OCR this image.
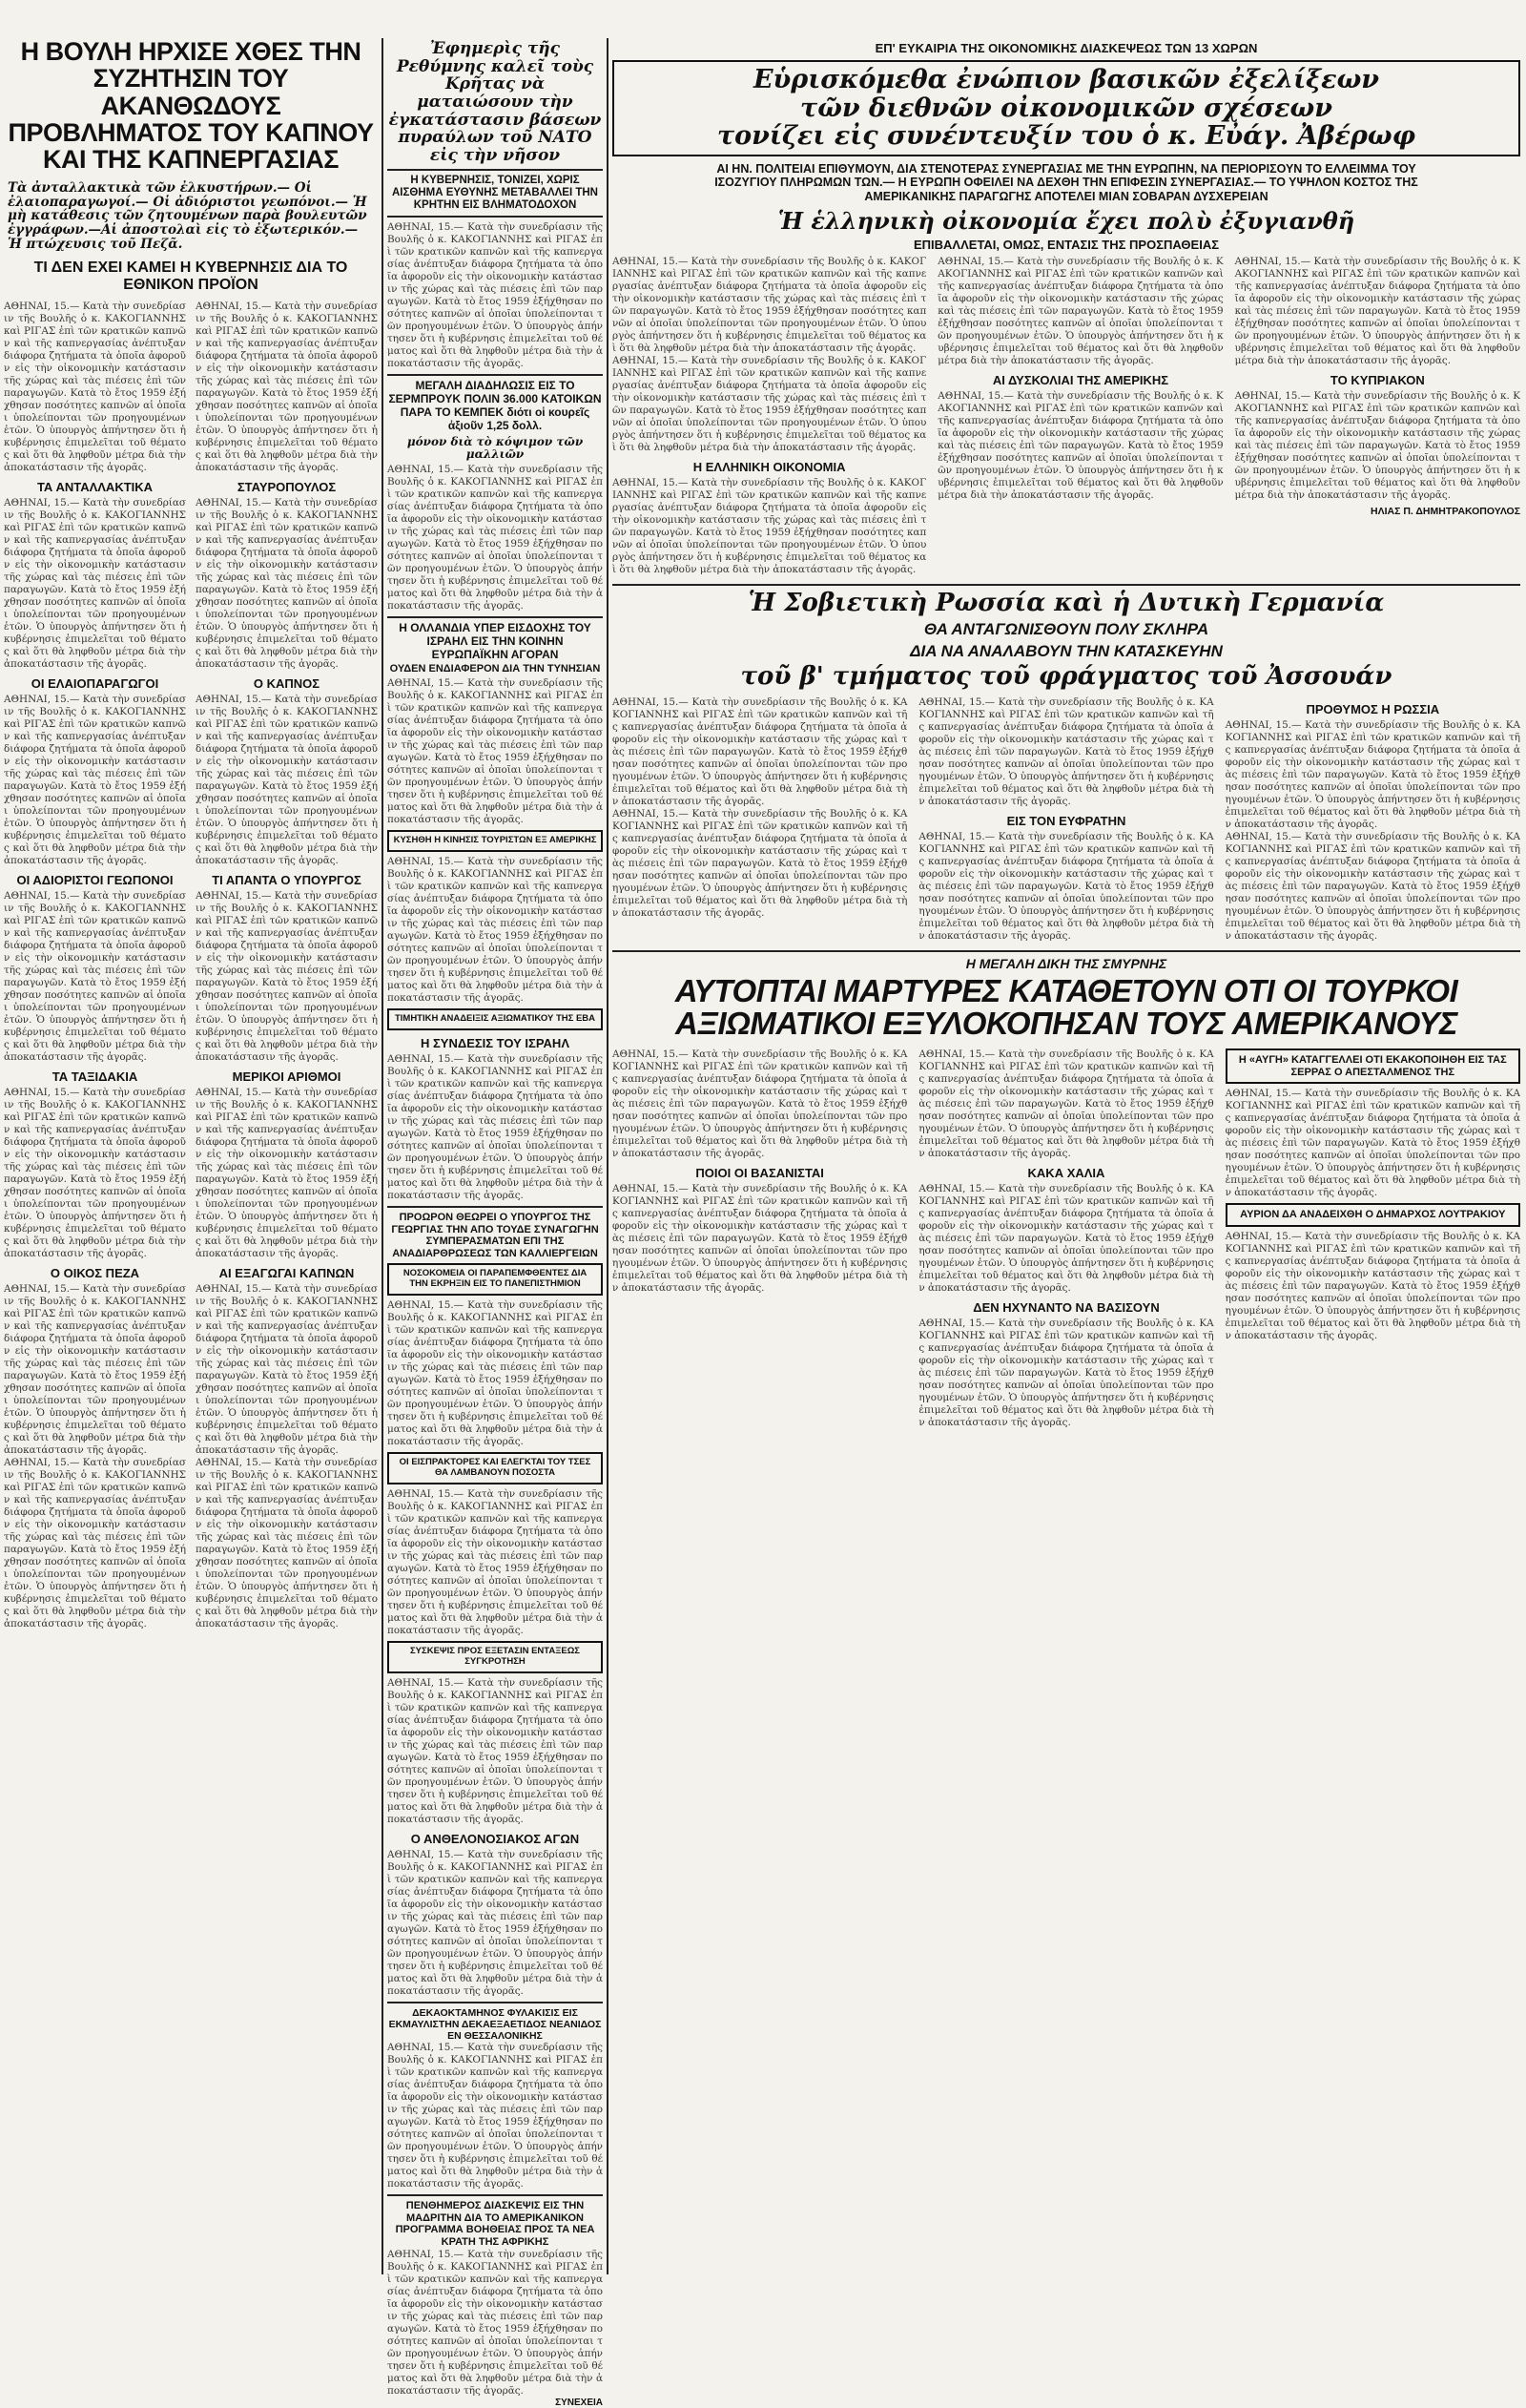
Η ΒΟΥΛΗ ΗΡΧΙΣΕ ΧΘΕΣ ΤΗΝ ΣΥΖΗΤΗΣΙΝ ΤΟΥ ΑΚΑΝΘΩΔΟΥΣ ΠΡΟΒΛΗΜΑΤΟΣ ΤΟΥ ΚΑΠΝΟΥ ΚΑΙ ΤΗΣ ΚΑΠΝΕΡΓΑΣΙΑΣ
Τὰ ἀνταλλακτικὰ τῶν ἐλκυστήρων.— Οἱ ἐλαιοπαραγωγοί.— Οἱ ἀδιόριστοι γεωπόνοι.— Ἡ μὴ κατάθεσις τῶν ζητουμένων παρὰ βουλευτῶν ἐγγράφων.—Αἱ ἀποστολαὶ εἰς τὸ ἐξωτερικόν.— Ἡ πτώχευσις τοῦ Πεζᾶ.
ΤΙ ΔΕΝ ΕΧΕΙ ΚΑΜΕΙ Η ΚΥΒΕΡΝΗΣΙΣ ΔΙΑ ΤΟ ΕΘΝΙΚΟΝ ΠΡΟΪΟΝ
ΑΘΗΝΑΙ, 15.— Κατὰ τὴν συνεδρίασιν τῆς Βουλῆς ὁ κ. ΚΑΚΟΓΙΑΝΝΗΣ καὶ ΡΙΓΑΣ ἐπὶ τῶν κρατικῶν καπνῶν καὶ τῆς καπνεργασίας ἀνέπτυξαν διάφορα ζητήματα τὰ ὁποῖα ἀφοροῦν εἰς τὴν οἰκονομικὴν κατάστασιν τῆς χώρας καὶ τὰς πιέσεις ἐπὶ τῶν παραγωγῶν. Κατὰ τὸ ἔτος 1959 ἐξήχθησαν ποσότητες καπνῶν αἱ ὁποῖαι ὑπολείπονται τῶν προηγουμένων ἐτῶν. Ὁ ὑπουργὸς ἀπήντησεν ὅτι ἡ κυβέρνησις ἐπιμελεῖται τοῦ θέματος καὶ ὅτι θὰ ληφθοῦν μέτρα διὰ τὴν ἀποκατάστασιν τῆς ἀγορᾶς.
ΤΑ ΑΝΤΑΛΛΑΚΤΙΚΑ
ΑΘΗΝΑΙ, 15.— Κατὰ τὴν συνεδρίασιν τῆς Βουλῆς ὁ κ. ΚΑΚΟΓΙΑΝΝΗΣ καὶ ΡΙΓΑΣ ἐπὶ τῶν κρατικῶν καπνῶν καὶ τῆς καπνεργασίας ἀνέπτυξαν διάφορα ζητήματα τὰ ὁποῖα ἀφοροῦν εἰς τὴν οἰκονομικὴν κατάστασιν τῆς χώρας καὶ τὰς πιέσεις ἐπὶ τῶν παραγωγῶν. Κατὰ τὸ ἔτος 1959 ἐξήχθησαν ποσότητες καπνῶν αἱ ὁποῖαι ὑπολείπονται τῶν προηγουμένων ἐτῶν. Ὁ ὑπουργὸς ἀπήντησεν ὅτι ἡ κυβέρνησις ἐπιμελεῖται τοῦ θέματος καὶ ὅτι θὰ ληφθοῦν μέτρα διὰ τὴν ἀποκατάστασιν τῆς ἀγορᾶς.
ΟΙ ΕΛΑΙΟΠΑΡΑΓΩΓΟΙ
ΑΘΗΝΑΙ, 15.— Κατὰ τὴν συνεδρίασιν τῆς Βουλῆς ὁ κ. ΚΑΚΟΓΙΑΝΝΗΣ καὶ ΡΙΓΑΣ ἐπὶ τῶν κρατικῶν καπνῶν καὶ τῆς καπνεργασίας ἀνέπτυξαν διάφορα ζητήματα τὰ ὁποῖα ἀφοροῦν εἰς τὴν οἰκονομικὴν κατάστασιν τῆς χώρας καὶ τὰς πιέσεις ἐπὶ τῶν παραγωγῶν. Κατὰ τὸ ἔτος 1959 ἐξήχθησαν ποσότητες καπνῶν αἱ ὁποῖαι ὑπολείπονται τῶν προηγουμένων ἐτῶν. Ὁ ὑπουργὸς ἀπήντησεν ὅτι ἡ κυβέρνησις ἐπιμελεῖται τοῦ θέματος καὶ ὅτι θὰ ληφθοῦν μέτρα διὰ τὴν ἀποκατάστασιν τῆς ἀγορᾶς.
ΟΙ ΑΔΙΟΡΙΣΤΟΙ ΓΕΩΠΟΝΟΙ
ΑΘΗΝΑΙ, 15.— Κατὰ τὴν συνεδρίασιν τῆς Βουλῆς ὁ κ. ΚΑΚΟΓΙΑΝΝΗΣ καὶ ΡΙΓΑΣ ἐπὶ τῶν κρατικῶν καπνῶν καὶ τῆς καπνεργασίας ἀνέπτυξαν διάφορα ζητήματα τὰ ὁποῖα ἀφοροῦν εἰς τὴν οἰκονομικὴν κατάστασιν τῆς χώρας καὶ τὰς πιέσεις ἐπὶ τῶν παραγωγῶν. Κατὰ τὸ ἔτος 1959 ἐξήχθησαν ποσότητες καπνῶν αἱ ὁποῖαι ὑπολείπονται τῶν προηγουμένων ἐτῶν. Ὁ ὑπουργὸς ἀπήντησεν ὅτι ἡ κυβέρνησις ἐπιμελεῖται τοῦ θέματος καὶ ὅτι θὰ ληφθοῦν μέτρα διὰ τὴν ἀποκατάστασιν τῆς ἀγορᾶς.
ΤΑ ΤΑΞΙΔΑΚΙΑ
ΑΘΗΝΑΙ, 15.— Κατὰ τὴν συνεδρίασιν τῆς Βουλῆς ὁ κ. ΚΑΚΟΓΙΑΝΝΗΣ καὶ ΡΙΓΑΣ ἐπὶ τῶν κρατικῶν καπνῶν καὶ τῆς καπνεργασίας ἀνέπτυξαν διάφορα ζητήματα τὰ ὁποῖα ἀφοροῦν εἰς τὴν οἰκονομικὴν κατάστασιν τῆς χώρας καὶ τὰς πιέσεις ἐπὶ τῶν παραγωγῶν. Κατὰ τὸ ἔτος 1959 ἐξήχθησαν ποσότητες καπνῶν αἱ ὁποῖαι ὑπολείπονται τῶν προηγουμένων ἐτῶν. Ὁ ὑπουργὸς ἀπήντησεν ὅτι ἡ κυβέρνησις ἐπιμελεῖται τοῦ θέματος καὶ ὅτι θὰ ληφθοῦν μέτρα διὰ τὴν ἀποκατάστασιν τῆς ἀγορᾶς.
Ο ΟΙΚΟΣ ΠΕΖΑ
ΑΘΗΝΑΙ, 15.— Κατὰ τὴν συνεδρίασιν τῆς Βουλῆς ὁ κ. ΚΑΚΟΓΙΑΝΝΗΣ καὶ ΡΙΓΑΣ ἐπὶ τῶν κρατικῶν καπνῶν καὶ τῆς καπνεργασίας ἀνέπτυξαν διάφορα ζητήματα τὰ ὁποῖα ἀφοροῦν εἰς τὴν οἰκονομικὴν κατάστασιν τῆς χώρας καὶ τὰς πιέσεις ἐπὶ τῶν παραγωγῶν. Κατὰ τὸ ἔτος 1959 ἐξήχθησαν ποσότητες καπνῶν αἱ ὁποῖαι ὑπολείπονται τῶν προηγουμένων ἐτῶν. Ὁ ὑπουργὸς ἀπήντησεν ὅτι ἡ κυβέρνησις ἐπιμελεῖται τοῦ θέματος καὶ ὅτι θὰ ληφθοῦν μέτρα διὰ τὴν ἀποκατάστασιν τῆς ἀγορᾶς.
ΑΘΗΝΑΙ, 15.— Κατὰ τὴν συνεδρίασιν τῆς Βουλῆς ὁ κ. ΚΑΚΟΓΙΑΝΝΗΣ καὶ ΡΙΓΑΣ ἐπὶ τῶν κρατικῶν καπνῶν καὶ τῆς καπνεργασίας ἀνέπτυξαν διάφορα ζητήματα τὰ ὁποῖα ἀφοροῦν εἰς τὴν οἰκονομικὴν κατάστασιν τῆς χώρας καὶ τὰς πιέσεις ἐπὶ τῶν παραγωγῶν. Κατὰ τὸ ἔτος 1959 ἐξήχθησαν ποσότητες καπνῶν αἱ ὁποῖαι ὑπολείπονται τῶν προηγουμένων ἐτῶν. Ὁ ὑπουργὸς ἀπήντησεν ὅτι ἡ κυβέρνησις ἐπιμελεῖται τοῦ θέματος καὶ ὅτι θὰ ληφθοῦν μέτρα διὰ τὴν ἀποκατάστασιν τῆς ἀγορᾶς.
ΑΘΗΝΑΙ, 15.— Κατὰ τὴν συνεδρίασιν τῆς Βουλῆς ὁ κ. ΚΑΚΟΓΙΑΝΝΗΣ καὶ ΡΙΓΑΣ ἐπὶ τῶν κρατικῶν καπνῶν καὶ τῆς καπνεργασίας ἀνέπτυξαν διάφορα ζητήματα τὰ ὁποῖα ἀφοροῦν εἰς τὴν οἰκονομικὴν κατάστασιν τῆς χώρας καὶ τὰς πιέσεις ἐπὶ τῶν παραγωγῶν. Κατὰ τὸ ἔτος 1959 ἐξήχθησαν ποσότητες καπνῶν αἱ ὁποῖαι ὑπολείπονται τῶν προηγουμένων ἐτῶν. Ὁ ὑπουργὸς ἀπήντησεν ὅτι ἡ κυβέρνησις ἐπιμελεῖται τοῦ θέματος καὶ ὅτι θὰ ληφθοῦν μέτρα διὰ τὴν ἀποκατάστασιν τῆς ἀγορᾶς.
ΣΤΑΥΡΟΠΟΥΛΟΣ
ΑΘΗΝΑΙ, 15.— Κατὰ τὴν συνεδρίασιν τῆς Βουλῆς ὁ κ. ΚΑΚΟΓΙΑΝΝΗΣ καὶ ΡΙΓΑΣ ἐπὶ τῶν κρατικῶν καπνῶν καὶ τῆς καπνεργασίας ἀνέπτυξαν διάφορα ζητήματα τὰ ὁποῖα ἀφοροῦν εἰς τὴν οἰκονομικὴν κατάστασιν τῆς χώρας καὶ τὰς πιέσεις ἐπὶ τῶν παραγωγῶν. Κατὰ τὸ ἔτος 1959 ἐξήχθησαν ποσότητες καπνῶν αἱ ὁποῖαι ὑπολείπονται τῶν προηγουμένων ἐτῶν. Ὁ ὑπουργὸς ἀπήντησεν ὅτι ἡ κυβέρνησις ἐπιμελεῖται τοῦ θέματος καὶ ὅτι θὰ ληφθοῦν μέτρα διὰ τὴν ἀποκατάστασιν τῆς ἀγορᾶς.
Ο ΚΑΠΝΟΣ
ΑΘΗΝΑΙ, 15.— Κατὰ τὴν συνεδρίασιν τῆς Βουλῆς ὁ κ. ΚΑΚΟΓΙΑΝΝΗΣ καὶ ΡΙΓΑΣ ἐπὶ τῶν κρατικῶν καπνῶν καὶ τῆς καπνεργασίας ἀνέπτυξαν διάφορα ζητήματα τὰ ὁποῖα ἀφοροῦν εἰς τὴν οἰκονομικὴν κατάστασιν τῆς χώρας καὶ τὰς πιέσεις ἐπὶ τῶν παραγωγῶν. Κατὰ τὸ ἔτος 1959 ἐξήχθησαν ποσότητες καπνῶν αἱ ὁποῖαι ὑπολείπονται τῶν προηγουμένων ἐτῶν. Ὁ ὑπουργὸς ἀπήντησεν ὅτι ἡ κυβέρνησις ἐπιμελεῖται τοῦ θέματος καὶ ὅτι θὰ ληφθοῦν μέτρα διὰ τὴν ἀποκατάστασιν τῆς ἀγορᾶς.
ΤΙ ΑΠΑΝΤΑ Ο ΥΠΟΥΡΓΟΣ
ΑΘΗΝΑΙ, 15.— Κατὰ τὴν συνεδρίασιν τῆς Βουλῆς ὁ κ. ΚΑΚΟΓΙΑΝΝΗΣ καὶ ΡΙΓΑΣ ἐπὶ τῶν κρατικῶν καπνῶν καὶ τῆς καπνεργασίας ἀνέπτυξαν διάφορα ζητήματα τὰ ὁποῖα ἀφοροῦν εἰς τὴν οἰκονομικὴν κατάστασιν τῆς χώρας καὶ τὰς πιέσεις ἐπὶ τῶν παραγωγῶν. Κατὰ τὸ ἔτος 1959 ἐξήχθησαν ποσότητες καπνῶν αἱ ὁποῖαι ὑπολείπονται τῶν προηγουμένων ἐτῶν. Ὁ ὑπουργὸς ἀπήντησεν ὅτι ἡ κυβέρνησις ἐπιμελεῖται τοῦ θέματος καὶ ὅτι θὰ ληφθοῦν μέτρα διὰ τὴν ἀποκατάστασιν τῆς ἀγορᾶς.
ΜΕΡΙΚΟΙ ΑΡΙΘΜΟΙ
ΑΘΗΝΑΙ, 15.— Κατὰ τὴν συνεδρίασιν τῆς Βουλῆς ὁ κ. ΚΑΚΟΓΙΑΝΝΗΣ καὶ ΡΙΓΑΣ ἐπὶ τῶν κρατικῶν καπνῶν καὶ τῆς καπνεργασίας ἀνέπτυξαν διάφορα ζητήματα τὰ ὁποῖα ἀφοροῦν εἰς τὴν οἰκονομικὴν κατάστασιν τῆς χώρας καὶ τὰς πιέσεις ἐπὶ τῶν παραγωγῶν. Κατὰ τὸ ἔτος 1959 ἐξήχθησαν ποσότητες καπνῶν αἱ ὁποῖαι ὑπολείπονται τῶν προηγουμένων ἐτῶν. Ὁ ὑπουργὸς ἀπήντησεν ὅτι ἡ κυβέρνησις ἐπιμελεῖται τοῦ θέματος καὶ ὅτι θὰ ληφθοῦν μέτρα διὰ τὴν ἀποκατάστασιν τῆς ἀγορᾶς.
ΑΙ ΕΞΑΓΩΓΑΙ ΚΑΠΝΩΝ
ΑΘΗΝΑΙ, 15.— Κατὰ τὴν συνεδρίασιν τῆς Βουλῆς ὁ κ. ΚΑΚΟΓΙΑΝΝΗΣ καὶ ΡΙΓΑΣ ἐπὶ τῶν κρατικῶν καπνῶν καὶ τῆς καπνεργασίας ἀνέπτυξαν διάφορα ζητήματα τὰ ὁποῖα ἀφοροῦν εἰς τὴν οἰκονομικὴν κατάστασιν τῆς χώρας καὶ τὰς πιέσεις ἐπὶ τῶν παραγωγῶν. Κατὰ τὸ ἔτος 1959 ἐξήχθησαν ποσότητες καπνῶν αἱ ὁποῖαι ὑπολείπονται τῶν προηγουμένων ἐτῶν. Ὁ ὑπουργὸς ἀπήντησεν ὅτι ἡ κυβέρνησις ἐπιμελεῖται τοῦ θέματος καὶ ὅτι θὰ ληφθοῦν μέτρα διὰ τὴν ἀποκατάστασιν τῆς ἀγορᾶς.
ΑΘΗΝΑΙ, 15.— Κατὰ τὴν συνεδρίασιν τῆς Βουλῆς ὁ κ. ΚΑΚΟΓΙΑΝΝΗΣ καὶ ΡΙΓΑΣ ἐπὶ τῶν κρατικῶν καπνῶν καὶ τῆς καπνεργασίας ἀνέπτυξαν διάφορα ζητήματα τὰ ὁποῖα ἀφοροῦν εἰς τὴν οἰκονομικὴν κατάστασιν τῆς χώρας καὶ τὰς πιέσεις ἐπὶ τῶν παραγωγῶν. Κατὰ τὸ ἔτος 1959 ἐξήχθησαν ποσότητες καπνῶν αἱ ὁποῖαι ὑπολείπονται τῶν προηγουμένων ἐτῶν. Ὁ ὑπουργὸς ἀπήντησεν ὅτι ἡ κυβέρνησις ἐπιμελεῖται τοῦ θέματος καὶ ὅτι θὰ ληφθοῦν μέτρα διὰ τὴν ἀποκατάστασιν τῆς ἀγορᾶς.
Ἐφημερὶς τῆς Ρεθύμνης καλεῖ τοὺς Κρῆτας νὰ ματαιώσουν τὴν ἐγκατάστασιν βάσεων πυραύλων τοῦ ΝΑΤΟ εἰς τὴν νῆσον
Η ΚΥΒΕΡΝΗΣΙΣ, ΤΟΝΙΖΕΙ, ΧΩΡΙΣ ΑΙΣΘΗΜΑ ΕΥΘΥΝΗΣ ΜΕΤΑΒΑΛΛΕΙ ΤΗΝ ΚΡΗΤΗΝ ΕΙΣ ΒΛΗΜΑΤΟΔΟΧΟΝ
ΑΘΗΝΑΙ, 15.— Κατὰ τὴν συνεδρίασιν τῆς Βουλῆς ὁ κ. ΚΑΚΟΓΙΑΝΝΗΣ καὶ ΡΙΓΑΣ ἐπὶ τῶν κρατικῶν καπνῶν καὶ τῆς καπνεργασίας ἀνέπτυξαν διάφορα ζητήματα τὰ ὁποῖα ἀφοροῦν εἰς τὴν οἰκονομικὴν κατάστασιν τῆς χώρας καὶ τὰς πιέσεις ἐπὶ τῶν παραγωγῶν. Κατὰ τὸ ἔτος 1959 ἐξήχθησαν ποσότητες καπνῶν αἱ ὁποῖαι ὑπολείπονται τῶν προηγουμένων ἐτῶν. Ὁ ὑπουργὸς ἀπήντησεν ὅτι ἡ κυβέρνησις ἐπιμελεῖται τοῦ θέματος καὶ ὅτι θὰ ληφθοῦν μέτρα διὰ τὴν ἀποκατάστασιν τῆς ἀγορᾶς.
ΜΕΓΑΛΗ ΔΙΑΔΗΛΩΣΙΣ ΕΙΣ ΤΟ ΣΕΡΜΠΡΟΥΚ ΠΟΛΙΝ 36.000 ΚΑΤΟΙΚΩΝ ΠΑΡΑ ΤΟ ΚΕΜΠΕΚ διότι οἱ κουρεῖς ἀξιοῦν 1,25 δολλ.
μόνον διὰ τὸ κόψιμον τῶν μαλλιῶν
ΑΘΗΝΑΙ, 15.— Κατὰ τὴν συνεδρίασιν τῆς Βουλῆς ὁ κ. ΚΑΚΟΓΙΑΝΝΗΣ καὶ ΡΙΓΑΣ ἐπὶ τῶν κρατικῶν καπνῶν καὶ τῆς καπνεργασίας ἀνέπτυξαν διάφορα ζητήματα τὰ ὁποῖα ἀφοροῦν εἰς τὴν οἰκονομικὴν κατάστασιν τῆς χώρας καὶ τὰς πιέσεις ἐπὶ τῶν παραγωγῶν. Κατὰ τὸ ἔτος 1959 ἐξήχθησαν ποσότητες καπνῶν αἱ ὁποῖαι ὑπολείπονται τῶν προηγουμένων ἐτῶν. Ὁ ὑπουργὸς ἀπήντησεν ὅτι ἡ κυβέρνησις ἐπιμελεῖται τοῦ θέματος καὶ ὅτι θὰ ληφθοῦν μέτρα διὰ τὴν ἀποκατάστασιν τῆς ἀγορᾶς.
Η ΟΛΛΑΝΔΙΑ ΥΠΕΡ ΕΙΣΔΟΧΗΣ ΤΟΥ ΙΣΡΑΗΛ ΕΙΣ ΤΗΝ ΚΟΙΝΗΝ ΕΥΡΩΠΑΪΚΗΝ ΑΓΟΡΑΝ
ΟΥΔΕΝ ΕΝΔΙΑΦΕΡΟΝ ΔΙΑ ΤΗΝ ΤΥΝΗΣΙΑΝ
ΑΘΗΝΑΙ, 15.— Κατὰ τὴν συνεδρίασιν τῆς Βουλῆς ὁ κ. ΚΑΚΟΓΙΑΝΝΗΣ καὶ ΡΙΓΑΣ ἐπὶ τῶν κρατικῶν καπνῶν καὶ τῆς καπνεργασίας ἀνέπτυξαν διάφορα ζητήματα τὰ ὁποῖα ἀφοροῦν εἰς τὴν οἰκονομικὴν κατάστασιν τῆς χώρας καὶ τὰς πιέσεις ἐπὶ τῶν παραγωγῶν. Κατὰ τὸ ἔτος 1959 ἐξήχθησαν ποσότητες καπνῶν αἱ ὁποῖαι ὑπολείπονται τῶν προηγουμένων ἐτῶν. Ὁ ὑπουργὸς ἀπήντησεν ὅτι ἡ κυβέρνησις ἐπιμελεῖται τοῦ θέματος καὶ ὅτι θὰ ληφθοῦν μέτρα διὰ τὴν ἀποκατάστασιν τῆς ἀγορᾶς.
ΚΥΣΗΘΗ Η ΚΙΝΗΣΙΣ ΤΟΥΡΙΣΤΩΝ ΕΞ ΑΜΕΡΙΚΗΣ
ΑΘΗΝΑΙ, 15.— Κατὰ τὴν συνεδρίασιν τῆς Βουλῆς ὁ κ. ΚΑΚΟΓΙΑΝΝΗΣ καὶ ΡΙΓΑΣ ἐπὶ τῶν κρατικῶν καπνῶν καὶ τῆς καπνεργασίας ἀνέπτυξαν διάφορα ζητήματα τὰ ὁποῖα ἀφοροῦν εἰς τὴν οἰκονομικὴν κατάστασιν τῆς χώρας καὶ τὰς πιέσεις ἐπὶ τῶν παραγωγῶν. Κατὰ τὸ ἔτος 1959 ἐξήχθησαν ποσότητες καπνῶν αἱ ὁποῖαι ὑπολείπονται τῶν προηγουμένων ἐτῶν. Ὁ ὑπουργὸς ἀπήντησεν ὅτι ἡ κυβέρνησις ἐπιμελεῖται τοῦ θέματος καὶ ὅτι θὰ ληφθοῦν μέτρα διὰ τὴν ἀποκατάστασιν τῆς ἀγορᾶς.
ΤΙΜΗΤΙΚΗ ΑΝΑΔΕΙΞΙΣ ΑΞΙΩΜΑΤΙΚΟΥ ΤΗΣ ΕΒΑ
Η ΣΥΝΔΕΣΙΣ ΤΟΥ ΙΣΡΑΗΛ
ΑΘΗΝΑΙ, 15.— Κατὰ τὴν συνεδρίασιν τῆς Βουλῆς ὁ κ. ΚΑΚΟΓΙΑΝΝΗΣ καὶ ΡΙΓΑΣ ἐπὶ τῶν κρατικῶν καπνῶν καὶ τῆς καπνεργασίας ἀνέπτυξαν διάφορα ζητήματα τὰ ὁποῖα ἀφοροῦν εἰς τὴν οἰκονομικὴν κατάστασιν τῆς χώρας καὶ τὰς πιέσεις ἐπὶ τῶν παραγωγῶν. Κατὰ τὸ ἔτος 1959 ἐξήχθησαν ποσότητες καπνῶν αἱ ὁποῖαι ὑπολείπονται τῶν προηγουμένων ἐτῶν. Ὁ ὑπουργὸς ἀπήντησεν ὅτι ἡ κυβέρνησις ἐπιμελεῖται τοῦ θέματος καὶ ὅτι θὰ ληφθοῦν μέτρα διὰ τὴν ἀποκατάστασιν τῆς ἀγορᾶς.
ΠΡΟΩΡΟΝ ΘΕΩΡΕΙ Ο ΥΠΟΥΡΓΟΣ ΤΗΣ ΓΕΩΡΓΙΑΣ ΤΗΝ ΑΠΟ ΤΟΥΔΕ ΣΥΝΑΓΩΓΗΝ ΣΥΜΠΕΡΑΣΜΑΤΩΝ ΕΠΙ ΤΗΣ ΑΝΑΔΙΑΡΘΡΩΣΕΩΣ ΤΩΝ ΚΑΛΛΙΕΡΓΕΙΩΝ
ΝΟΣΟΚΟΜΕΙΑ ΟΙ ΠΑΡΑΠΕΜΦΘΕΝΤΕΣ ΔΙΑ ΤΗΝ ΕΚΡΗΞΙΝ ΕΙΣ ΤΟ ΠΑΝΕΠΙΣΤΗΜΙΟΝ
ΑΘΗΝΑΙ, 15.— Κατὰ τὴν συνεδρίασιν τῆς Βουλῆς ὁ κ. ΚΑΚΟΓΙΑΝΝΗΣ καὶ ΡΙΓΑΣ ἐπὶ τῶν κρατικῶν καπνῶν καὶ τῆς καπνεργασίας ἀνέπτυξαν διάφορα ζητήματα τὰ ὁποῖα ἀφοροῦν εἰς τὴν οἰκονομικὴν κατάστασιν τῆς χώρας καὶ τὰς πιέσεις ἐπὶ τῶν παραγωγῶν. Κατὰ τὸ ἔτος 1959 ἐξήχθησαν ποσότητες καπνῶν αἱ ὁποῖαι ὑπολείπονται τῶν προηγουμένων ἐτῶν. Ὁ ὑπουργὸς ἀπήντησεν ὅτι ἡ κυβέρνησις ἐπιμελεῖται τοῦ θέματος καὶ ὅτι θὰ ληφθοῦν μέτρα διὰ τὴν ἀποκατάστασιν τῆς ἀγορᾶς.
ΟΙ ΕΙΣΠΡΑΚΤΟΡΕΣ ΚΑΙ ΕΛΕΓΚΤΑΙ ΤΟΥ ΤΣΕΣ ΘΑ ΛΑΜΒΑΝΟΥΝ ΠΟΣΟΣΤΑ
ΑΘΗΝΑΙ, 15.— Κατὰ τὴν συνεδρίασιν τῆς Βουλῆς ὁ κ. ΚΑΚΟΓΙΑΝΝΗΣ καὶ ΡΙΓΑΣ ἐπὶ τῶν κρατικῶν καπνῶν καὶ τῆς καπνεργασίας ἀνέπτυξαν διάφορα ζητήματα τὰ ὁποῖα ἀφοροῦν εἰς τὴν οἰκονομικὴν κατάστασιν τῆς χώρας καὶ τὰς πιέσεις ἐπὶ τῶν παραγωγῶν. Κατὰ τὸ ἔτος 1959 ἐξήχθησαν ποσότητες καπνῶν αἱ ὁποῖαι ὑπολείπονται τῶν προηγουμένων ἐτῶν. Ὁ ὑπουργὸς ἀπήντησεν ὅτι ἡ κυβέρνησις ἐπιμελεῖται τοῦ θέματος καὶ ὅτι θὰ ληφθοῦν μέτρα διὰ τὴν ἀποκατάστασιν τῆς ἀγορᾶς.
ΣΥΣΚΕΨΙΣ ΠΡΟΣ ΕΞΕΤΑΣΙΝ ΕΝΤΑΞΕΩΣ ΣΥΓΚΡΟΤΗΣΗ
ΑΘΗΝΑΙ, 15.— Κατὰ τὴν συνεδρίασιν τῆς Βουλῆς ὁ κ. ΚΑΚΟΓΙΑΝΝΗΣ καὶ ΡΙΓΑΣ ἐπὶ τῶν κρατικῶν καπνῶν καὶ τῆς καπνεργασίας ἀνέπτυξαν διάφορα ζητήματα τὰ ὁποῖα ἀφοροῦν εἰς τὴν οἰκονομικὴν κατάστασιν τῆς χώρας καὶ τὰς πιέσεις ἐπὶ τῶν παραγωγῶν. Κατὰ τὸ ἔτος 1959 ἐξήχθησαν ποσότητες καπνῶν αἱ ὁποῖαι ὑπολείπονται τῶν προηγουμένων ἐτῶν. Ὁ ὑπουργὸς ἀπήντησεν ὅτι ἡ κυβέρνησις ἐπιμελεῖται τοῦ θέματος καὶ ὅτι θὰ ληφθοῦν μέτρα διὰ τὴν ἀποκατάστασιν τῆς ἀγορᾶς.
Ο ΑΝΘΕΛΟΝΟΣΙΑΚΟΣ ΑΓΩΝ
ΑΘΗΝΑΙ, 15.— Κατὰ τὴν συνεδρίασιν τῆς Βουλῆς ὁ κ. ΚΑΚΟΓΙΑΝΝΗΣ καὶ ΡΙΓΑΣ ἐπὶ τῶν κρατικῶν καπνῶν καὶ τῆς καπνεργασίας ἀνέπτυξαν διάφορα ζητήματα τὰ ὁποῖα ἀφοροῦν εἰς τὴν οἰκονομικὴν κατάστασιν τῆς χώρας καὶ τὰς πιέσεις ἐπὶ τῶν παραγωγῶν. Κατὰ τὸ ἔτος 1959 ἐξήχθησαν ποσότητες καπνῶν αἱ ὁποῖαι ὑπολείπονται τῶν προηγουμένων ἐτῶν. Ὁ ὑπουργὸς ἀπήντησεν ὅτι ἡ κυβέρνησις ἐπιμελεῖται τοῦ θέματος καὶ ὅτι θὰ ληφθοῦν μέτρα διὰ τὴν ἀποκατάστασιν τῆς ἀγορᾶς.
ΔΕΚΑΟΚΤΑΜΗΝΟΣ ΦΥΛΑΚΙΣΙΣ ΕΙΣ ΕΚΜΑΥΛΙΣΤΗΝ ΔΕΚΑΕΞΑΕΤΙΔΟΣ ΝΕΑΝΙΔΟΣ ΕΝ ΘΕΣΣΑΛΟΝΙΚΗΣ
ΑΘΗΝΑΙ, 15.— Κατὰ τὴν συνεδρίασιν τῆς Βουλῆς ὁ κ. ΚΑΚΟΓΙΑΝΝΗΣ καὶ ΡΙΓΑΣ ἐπὶ τῶν κρατικῶν καπνῶν καὶ τῆς καπνεργασίας ἀνέπτυξαν διάφορα ζητήματα τὰ ὁποῖα ἀφοροῦν εἰς τὴν οἰκονομικὴν κατάστασιν τῆς χώρας καὶ τὰς πιέσεις ἐπὶ τῶν παραγωγῶν. Κατὰ τὸ ἔτος 1959 ἐξήχθησαν ποσότητες καπνῶν αἱ ὁποῖαι ὑπολείπονται τῶν προηγουμένων ἐτῶν. Ὁ ὑπουργὸς ἀπήντησεν ὅτι ἡ κυβέρνησις ἐπιμελεῖται τοῦ θέματος καὶ ὅτι θὰ ληφθοῦν μέτρα διὰ τὴν ἀποκατάστασιν τῆς ἀγορᾶς.
ΠΕΝΘΗΜΕΡΟΣ ΔΙΑΣΚΕΨΙΣ ΕΙΣ ΤΗΝ ΜΑΔΡΙΤΗΝ ΔΙΑ ΤΟ ΑΜΕΡΙΚΑΝΙΚΟΝ ΠΡΟΓΡΑΜΜΑ ΒΟΗΘΕΙΑΣ ΠΡΟΣ ΤΑ ΝΕΑ ΚΡΑΤΗ ΤΗΣ ΑΦΡΙΚΗΣ
ΑΘΗΝΑΙ, 15.— Κατὰ τὴν συνεδρίασιν τῆς Βουλῆς ὁ κ. ΚΑΚΟΓΙΑΝΝΗΣ καὶ ΡΙΓΑΣ ἐπὶ τῶν κρατικῶν καπνῶν καὶ τῆς καπνεργασίας ἀνέπτυξαν διάφορα ζητήματα τὰ ὁποῖα ἀφοροῦν εἰς τὴν οἰκονομικὴν κατάστασιν τῆς χώρας καὶ τὰς πιέσεις ἐπὶ τῶν παραγωγῶν. Κατὰ τὸ ἔτος 1959 ἐξήχθησαν ποσότητες καπνῶν αἱ ὁποῖαι ὑπολείπονται τῶν προηγουμένων ἐτῶν. Ὁ ὑπουργὸς ἀπήντησεν ὅτι ἡ κυβέρνησις ἐπιμελεῖται τοῦ θέματος καὶ ὅτι θὰ ληφθοῦν μέτρα διὰ τὴν ἀποκατάστασιν τῆς ἀγορᾶς.
ΣΥΝΕΧΕΙΑ
ΕΠ' ΕΥΚΑΙΡΙΑ ΤΗΣ ΟΙΚΟΝΟΜΙΚΗΣ ΔΙΑΣΚΕΨΕΩΣ ΤΩΝ 13 ΧΩΡΩΝ
Εὑρισκόμεθα ἐνώπιον βασικῶν ἐξελίξεων
τῶν διεθνῶν οἰκονομικῶν σχέσεων
τονίζει εἰς συνέντευξίν του ὁ κ. Εὐάγ. Ἀβέρωφ
ΑΙ ΗΝ. ΠΟΛΙΤΕΙΑΙ ΕΠΙΘΥΜΟΥΝ, ΔΙΑ ΣΤΕΝΟΤΕΡΑΣ ΣΥΝΕΡΓΑΣΙΑΣ ΜΕ ΤΗΝ ΕΥΡΩΠΗΝ, ΝΑ ΠΕΡΙΟΡΙΣΟΥΝ ΤΟ ΕΛΛΕΙΜΜΑ ΤΟΥ ΙΣΟΖΥΓΙΟΥ ΠΛΗΡΩΜΩΝ ΤΩΝ.— Η ΕΥΡΩΠΗ ΟΦΕΙΛΕΙ ΝΑ ΔΕΧΘΗ ΤΗΝ ΕΠΙΦΕΣΙΝ ΣΥΝΕΡΓΑΣΙΑΣ.— ΤΟ ΥΨΗΛΟΝ ΚΟΣΤΟΣ ΤΗΣ ΑΜΕΡΙΚΑΝΙΚΗΣ ΠΑΡΑΓΩΓΗΣ ΑΠΟΤΕΛΕΙ ΜΙΑΝ ΣΟΒΑΡΑΝ ΔΥΣΧΕΡΕΙΑΝ
Ἡ ἑλληνικὴ οἰκονομία ἔχει πολὺ ἐξυγιανθῆ
ΕΠΙΒΑΛΛΕΤΑΙ, ΟΜΩΣ, ΕΝΤΑΣΙΣ ΤΗΣ ΠΡΟΣΠΑΘΕΙΑΣ
ΑΘΗΝΑΙ, 15.— Κατὰ τὴν συνεδρίασιν τῆς Βουλῆς ὁ κ. ΚΑΚΟΓΙΑΝΝΗΣ καὶ ΡΙΓΑΣ ἐπὶ τῶν κρατικῶν καπνῶν καὶ τῆς καπνεργασίας ἀνέπτυξαν διάφορα ζητήματα τὰ ὁποῖα ἀφοροῦν εἰς τὴν οἰκονομικὴν κατάστασιν τῆς χώρας καὶ τὰς πιέσεις ἐπὶ τῶν παραγωγῶν. Κατὰ τὸ ἔτος 1959 ἐξήχθησαν ποσότητες καπνῶν αἱ ὁποῖαι ὑπολείπονται τῶν προηγουμένων ἐτῶν. Ὁ ὑπουργὸς ἀπήντησεν ὅτι ἡ κυβέρνησις ἐπιμελεῖται τοῦ θέματος καὶ ὅτι θὰ ληφθοῦν μέτρα διὰ τὴν ἀποκατάστασιν τῆς ἀγορᾶς.
ΑΘΗΝΑΙ, 15.— Κατὰ τὴν συνεδρίασιν τῆς Βουλῆς ὁ κ. ΚΑΚΟΓΙΑΝΝΗΣ καὶ ΡΙΓΑΣ ἐπὶ τῶν κρατικῶν καπνῶν καὶ τῆς καπνεργασίας ἀνέπτυξαν διάφορα ζητήματα τὰ ὁποῖα ἀφοροῦν εἰς τὴν οἰκονομικὴν κατάστασιν τῆς χώρας καὶ τὰς πιέσεις ἐπὶ τῶν παραγωγῶν. Κατὰ τὸ ἔτος 1959 ἐξήχθησαν ποσότητες καπνῶν αἱ ὁποῖαι ὑπολείπονται τῶν προηγουμένων ἐτῶν. Ὁ ὑπουργὸς ἀπήντησεν ὅτι ἡ κυβέρνησις ἐπιμελεῖται τοῦ θέματος καὶ ὅτι θὰ ληφθοῦν μέτρα διὰ τὴν ἀποκατάστασιν τῆς ἀγορᾶς.
Η ΕΛΛΗΝΙΚΗ ΟΙΚΟΝΟΜΙΑ
ΑΘΗΝΑΙ, 15.— Κατὰ τὴν συνεδρίασιν τῆς Βουλῆς ὁ κ. ΚΑΚΟΓΙΑΝΝΗΣ καὶ ΡΙΓΑΣ ἐπὶ τῶν κρατικῶν καπνῶν καὶ τῆς καπνεργασίας ἀνέπτυξαν διάφορα ζητήματα τὰ ὁποῖα ἀφοροῦν εἰς τὴν οἰκονομικὴν κατάστασιν τῆς χώρας καὶ τὰς πιέσεις ἐπὶ τῶν παραγωγῶν. Κατὰ τὸ ἔτος 1959 ἐξήχθησαν ποσότητες καπνῶν αἱ ὁποῖαι ὑπολείπονται τῶν προηγουμένων ἐτῶν. Ὁ ὑπουργὸς ἀπήντησεν ὅτι ἡ κυβέρνησις ἐπιμελεῖται τοῦ θέματος καὶ ὅτι θὰ ληφθοῦν μέτρα διὰ τὴν ἀποκατάστασιν τῆς ἀγορᾶς.
ΑΘΗΝΑΙ, 15.— Κατὰ τὴν συνεδρίασιν τῆς Βουλῆς ὁ κ. ΚΑΚΟΓΙΑΝΝΗΣ καὶ ΡΙΓΑΣ ἐπὶ τῶν κρατικῶν καπνῶν καὶ τῆς καπνεργασίας ἀνέπτυξαν διάφορα ζητήματα τὰ ὁποῖα ἀφοροῦν εἰς τὴν οἰκονομικὴν κατάστασιν τῆς χώρας καὶ τὰς πιέσεις ἐπὶ τῶν παραγωγῶν. Κατὰ τὸ ἔτος 1959 ἐξήχθησαν ποσότητες καπνῶν αἱ ὁποῖαι ὑπολείπονται τῶν προηγουμένων ἐτῶν. Ὁ ὑπουργὸς ἀπήντησεν ὅτι ἡ κυβέρνησις ἐπιμελεῖται τοῦ θέματος καὶ ὅτι θὰ ληφθοῦν μέτρα διὰ τὴν ἀποκατάστασιν τῆς ἀγορᾶς.
ΑΙ ΔΥΣΚΟΛΙΑΙ ΤΗΣ ΑΜΕΡΙΚΗΣ
ΑΘΗΝΑΙ, 15.— Κατὰ τὴν συνεδρίασιν τῆς Βουλῆς ὁ κ. ΚΑΚΟΓΙΑΝΝΗΣ καὶ ΡΙΓΑΣ ἐπὶ τῶν κρατικῶν καπνῶν καὶ τῆς καπνεργασίας ἀνέπτυξαν διάφορα ζητήματα τὰ ὁποῖα ἀφοροῦν εἰς τὴν οἰκονομικὴν κατάστασιν τῆς χώρας καὶ τὰς πιέσεις ἐπὶ τῶν παραγωγῶν. Κατὰ τὸ ἔτος 1959 ἐξήχθησαν ποσότητες καπνῶν αἱ ὁποῖαι ὑπολείπονται τῶν προηγουμένων ἐτῶν. Ὁ ὑπουργὸς ἀπήντησεν ὅτι ἡ κυβέρνησις ἐπιμελεῖται τοῦ θέματος καὶ ὅτι θὰ ληφθοῦν μέτρα διὰ τὴν ἀποκατάστασιν τῆς ἀγορᾶς.
ΑΘΗΝΑΙ, 15.— Κατὰ τὴν συνεδρίασιν τῆς Βουλῆς ὁ κ. ΚΑΚΟΓΙΑΝΝΗΣ καὶ ΡΙΓΑΣ ἐπὶ τῶν κρατικῶν καπνῶν καὶ τῆς καπνεργασίας ἀνέπτυξαν διάφορα ζητήματα τὰ ὁποῖα ἀφοροῦν εἰς τὴν οἰκονομικὴν κατάστασιν τῆς χώρας καὶ τὰς πιέσεις ἐπὶ τῶν παραγωγῶν. Κατὰ τὸ ἔτος 1959 ἐξήχθησαν ποσότητες καπνῶν αἱ ὁποῖαι ὑπολείπονται τῶν προηγουμένων ἐτῶν. Ὁ ὑπουργὸς ἀπήντησεν ὅτι ἡ κυβέρνησις ἐπιμελεῖται τοῦ θέματος καὶ ὅτι θὰ ληφθοῦν μέτρα διὰ τὴν ἀποκατάστασιν τῆς ἀγορᾶς.
ΤΟ ΚΥΠΡΙΑΚΟΝ
ΑΘΗΝΑΙ, 15.— Κατὰ τὴν συνεδρίασιν τῆς Βουλῆς ὁ κ. ΚΑΚΟΓΙΑΝΝΗΣ καὶ ΡΙΓΑΣ ἐπὶ τῶν κρατικῶν καπνῶν καὶ τῆς καπνεργασίας ἀνέπτυξαν διάφορα ζητήματα τὰ ὁποῖα ἀφοροῦν εἰς τὴν οἰκονομικὴν κατάστασιν τῆς χώρας καὶ τὰς πιέσεις ἐπὶ τῶν παραγωγῶν. Κατὰ τὸ ἔτος 1959 ἐξήχθησαν ποσότητες καπνῶν αἱ ὁποῖαι ὑπολείπονται τῶν προηγουμένων ἐτῶν. Ὁ ὑπουργὸς ἀπήντησεν ὅτι ἡ κυβέρνησις ἐπιμελεῖται τοῦ θέματος καὶ ὅτι θὰ ληφθοῦν μέτρα διὰ τὴν ἀποκατάστασιν τῆς ἀγορᾶς.
ΗΛΙΑΣ Π. ΔΗΜΗΤΡΑΚΟΠΟΥΛΟΣ
Ἡ Σοβιετικὴ Ρωσσία καὶ ἡ Δυτικὴ Γερμανία
ΘΑ ΑΝΤΑΓΩΝΙΣΘΟΥΝ ΠΟΛΥ ΣΚΛΗΡΑ
ΔΙΑ ΝΑ ΑΝΑΛΑΒΟΥΝ ΤΗΝ ΚΑΤΑΣΚΕΥΗΝ
τοῦ β' τμήματος τοῦ φράγματος τοῦ Ἀσσουάν
ΑΘΗΝΑΙ, 15.— Κατὰ τὴν συνεδρίασιν τῆς Βουλῆς ὁ κ. ΚΑΚΟΓΙΑΝΝΗΣ καὶ ΡΙΓΑΣ ἐπὶ τῶν κρατικῶν καπνῶν καὶ τῆς καπνεργασίας ἀνέπτυξαν διάφορα ζητήματα τὰ ὁποῖα ἀφοροῦν εἰς τὴν οἰκονομικὴν κατάστασιν τῆς χώρας καὶ τὰς πιέσεις ἐπὶ τῶν παραγωγῶν. Κατὰ τὸ ἔτος 1959 ἐξήχθησαν ποσότητες καπνῶν αἱ ὁποῖαι ὑπολείπονται τῶν προηγουμένων ἐτῶν. Ὁ ὑπουργὸς ἀπήντησεν ὅτι ἡ κυβέρνησις ἐπιμελεῖται τοῦ θέματος καὶ ὅτι θὰ ληφθοῦν μέτρα διὰ τὴν ἀποκατάστασιν τῆς ἀγορᾶς.
ΑΘΗΝΑΙ, 15.— Κατὰ τὴν συνεδρίασιν τῆς Βουλῆς ὁ κ. ΚΑΚΟΓΙΑΝΝΗΣ καὶ ΡΙΓΑΣ ἐπὶ τῶν κρατικῶν καπνῶν καὶ τῆς καπνεργασίας ἀνέπτυξαν διάφορα ζητήματα τὰ ὁποῖα ἀφοροῦν εἰς τὴν οἰκονομικὴν κατάστασιν τῆς χώρας καὶ τὰς πιέσεις ἐπὶ τῶν παραγωγῶν. Κατὰ τὸ ἔτος 1959 ἐξήχθησαν ποσότητες καπνῶν αἱ ὁποῖαι ὑπολείπονται τῶν προηγουμένων ἐτῶν. Ὁ ὑπουργὸς ἀπήντησεν ὅτι ἡ κυβέρνησις ἐπιμελεῖται τοῦ θέματος καὶ ὅτι θὰ ληφθοῦν μέτρα διὰ τὴν ἀποκατάστασιν τῆς ἀγορᾶς.
ΑΘΗΝΑΙ, 15.— Κατὰ τὴν συνεδρίασιν τῆς Βουλῆς ὁ κ. ΚΑΚΟΓΙΑΝΝΗΣ καὶ ΡΙΓΑΣ ἐπὶ τῶν κρατικῶν καπνῶν καὶ τῆς καπνεργασίας ἀνέπτυξαν διάφορα ζητήματα τὰ ὁποῖα ἀφοροῦν εἰς τὴν οἰκονομικὴν κατάστασιν τῆς χώρας καὶ τὰς πιέσεις ἐπὶ τῶν παραγωγῶν. Κατὰ τὸ ἔτος 1959 ἐξήχθησαν ποσότητες καπνῶν αἱ ὁποῖαι ὑπολείπονται τῶν προηγουμένων ἐτῶν. Ὁ ὑπουργὸς ἀπήντησεν ὅτι ἡ κυβέρνησις ἐπιμελεῖται τοῦ θέματος καὶ ὅτι θὰ ληφθοῦν μέτρα διὰ τὴν ἀποκατάστασιν τῆς ἀγορᾶς.
ΕΙΣ ΤΟΝ ΕΥΦΡΑΤΗΝ
ΑΘΗΝΑΙ, 15.— Κατὰ τὴν συνεδρίασιν τῆς Βουλῆς ὁ κ. ΚΑΚΟΓΙΑΝΝΗΣ καὶ ΡΙΓΑΣ ἐπὶ τῶν κρατικῶν καπνῶν καὶ τῆς καπνεργασίας ἀνέπτυξαν διάφορα ζητήματα τὰ ὁποῖα ἀφοροῦν εἰς τὴν οἰκονομικὴν κατάστασιν τῆς χώρας καὶ τὰς πιέσεις ἐπὶ τῶν παραγωγῶν. Κατὰ τὸ ἔτος 1959 ἐξήχθησαν ποσότητες καπνῶν αἱ ὁποῖαι ὑπολείπονται τῶν προηγουμένων ἐτῶν. Ὁ ὑπουργὸς ἀπήντησεν ὅτι ἡ κυβέρνησις ἐπιμελεῖται τοῦ θέματος καὶ ὅτι θὰ ληφθοῦν μέτρα διὰ τὴν ἀποκατάστασιν τῆς ἀγορᾶς.
ΠΡΟΘΥΜΟΣ Η ΡΩΣΣΙΑ
ΑΘΗΝΑΙ, 15.— Κατὰ τὴν συνεδρίασιν τῆς Βουλῆς ὁ κ. ΚΑΚΟΓΙΑΝΝΗΣ καὶ ΡΙΓΑΣ ἐπὶ τῶν κρατικῶν καπνῶν καὶ τῆς καπνεργασίας ἀνέπτυξαν διάφορα ζητήματα τὰ ὁποῖα ἀφοροῦν εἰς τὴν οἰκονομικὴν κατάστασιν τῆς χώρας καὶ τὰς πιέσεις ἐπὶ τῶν παραγωγῶν. Κατὰ τὸ ἔτος 1959 ἐξήχθησαν ποσότητες καπνῶν αἱ ὁποῖαι ὑπολείπονται τῶν προηγουμένων ἐτῶν. Ὁ ὑπουργὸς ἀπήντησεν ὅτι ἡ κυβέρνησις ἐπιμελεῖται τοῦ θέματος καὶ ὅτι θὰ ληφθοῦν μέτρα διὰ τὴν ἀποκατάστασιν τῆς ἀγορᾶς.
ΑΘΗΝΑΙ, 15.— Κατὰ τὴν συνεδρίασιν τῆς Βουλῆς ὁ κ. ΚΑΚΟΓΙΑΝΝΗΣ καὶ ΡΙΓΑΣ ἐπὶ τῶν κρατικῶν καπνῶν καὶ τῆς καπνεργασίας ἀνέπτυξαν διάφορα ζητήματα τὰ ὁποῖα ἀφοροῦν εἰς τὴν οἰκονομικὴν κατάστασιν τῆς χώρας καὶ τὰς πιέσεις ἐπὶ τῶν παραγωγῶν. Κατὰ τὸ ἔτος 1959 ἐξήχθησαν ποσότητες καπνῶν αἱ ὁποῖαι ὑπολείπονται τῶν προηγουμένων ἐτῶν. Ὁ ὑπουργὸς ἀπήντησεν ὅτι ἡ κυβέρνησις ἐπιμελεῖται τοῦ θέματος καὶ ὅτι θὰ ληφθοῦν μέτρα διὰ τὴν ἀποκατάστασιν τῆς ἀγορᾶς.
Η ΜΕΓΑΛΗ ΔΙΚΗ ΤΗΣ ΣΜΥΡΝΗΣ
ΑΥΤΟΠΤΑΙ ΜΑΡΤΥΡΕΣ ΚΑΤΑΘΕΤΟΥΝ ΟΤΙ ΟΙ ΤΟΥΡΚΟΙ ΑΞΙΩΜΑΤΙΚΟΙ ΕΞΥΛΟΚΟΠΗΣΑΝ ΤΟΥΣ ΑΜΕΡΙΚΑΝΟΥΣ
ΑΘΗΝΑΙ, 15.— Κατὰ τὴν συνεδρίασιν τῆς Βουλῆς ὁ κ. ΚΑΚΟΓΙΑΝΝΗΣ καὶ ΡΙΓΑΣ ἐπὶ τῶν κρατικῶν καπνῶν καὶ τῆς καπνεργασίας ἀνέπτυξαν διάφορα ζητήματα τὰ ὁποῖα ἀφοροῦν εἰς τὴν οἰκονομικὴν κατάστασιν τῆς χώρας καὶ τὰς πιέσεις ἐπὶ τῶν παραγωγῶν. Κατὰ τὸ ἔτος 1959 ἐξήχθησαν ποσότητες καπνῶν αἱ ὁποῖαι ὑπολείπονται τῶν προηγουμένων ἐτῶν. Ὁ ὑπουργὸς ἀπήντησεν ὅτι ἡ κυβέρνησις ἐπιμελεῖται τοῦ θέματος καὶ ὅτι θὰ ληφθοῦν μέτρα διὰ τὴν ἀποκατάστασιν τῆς ἀγορᾶς.
ΠΟΙΟΙ ΟΙ ΒΑΣΑΝΙΣΤΑΙ
ΑΘΗΝΑΙ, 15.— Κατὰ τὴν συνεδρίασιν τῆς Βουλῆς ὁ κ. ΚΑΚΟΓΙΑΝΝΗΣ καὶ ΡΙΓΑΣ ἐπὶ τῶν κρατικῶν καπνῶν καὶ τῆς καπνεργασίας ἀνέπτυξαν διάφορα ζητήματα τὰ ὁποῖα ἀφοροῦν εἰς τὴν οἰκονομικὴν κατάστασιν τῆς χώρας καὶ τὰς πιέσεις ἐπὶ τῶν παραγωγῶν. Κατὰ τὸ ἔτος 1959 ἐξήχθησαν ποσότητες καπνῶν αἱ ὁποῖαι ὑπολείπονται τῶν προηγουμένων ἐτῶν. Ὁ ὑπουργὸς ἀπήντησεν ὅτι ἡ κυβέρνησις ἐπιμελεῖται τοῦ θέματος καὶ ὅτι θὰ ληφθοῦν μέτρα διὰ τὴν ἀποκατάστασιν τῆς ἀγορᾶς.
ΑΘΗΝΑΙ, 15.— Κατὰ τὴν συνεδρίασιν τῆς Βουλῆς ὁ κ. ΚΑΚΟΓΙΑΝΝΗΣ καὶ ΡΙΓΑΣ ἐπὶ τῶν κρατικῶν καπνῶν καὶ τῆς καπνεργασίας ἀνέπτυξαν διάφορα ζητήματα τὰ ὁποῖα ἀφοροῦν εἰς τὴν οἰκονομικὴν κατάστασιν τῆς χώρας καὶ τὰς πιέσεις ἐπὶ τῶν παραγωγῶν. Κατὰ τὸ ἔτος 1959 ἐξήχθησαν ποσότητες καπνῶν αἱ ὁποῖαι ὑπολείπονται τῶν προηγουμένων ἐτῶν. Ὁ ὑπουργὸς ἀπήντησεν ὅτι ἡ κυβέρνησις ἐπιμελεῖται τοῦ θέματος καὶ ὅτι θὰ ληφθοῦν μέτρα διὰ τὴν ἀποκατάστασιν τῆς ἀγορᾶς.
ΚΑΚΑ ΧΑΛΙΑ
ΑΘΗΝΑΙ, 15.— Κατὰ τὴν συνεδρίασιν τῆς Βουλῆς ὁ κ. ΚΑΚΟΓΙΑΝΝΗΣ καὶ ΡΙΓΑΣ ἐπὶ τῶν κρατικῶν καπνῶν καὶ τῆς καπνεργασίας ἀνέπτυξαν διάφορα ζητήματα τὰ ὁποῖα ἀφοροῦν εἰς τὴν οἰκονομικὴν κατάστασιν τῆς χώρας καὶ τὰς πιέσεις ἐπὶ τῶν παραγωγῶν. Κατὰ τὸ ἔτος 1959 ἐξήχθησαν ποσότητες καπνῶν αἱ ὁποῖαι ὑπολείπονται τῶν προηγουμένων ἐτῶν. Ὁ ὑπουργὸς ἀπήντησεν ὅτι ἡ κυβέρνησις ἐπιμελεῖται τοῦ θέματος καὶ ὅτι θὰ ληφθοῦν μέτρα διὰ τὴν ἀποκατάστασιν τῆς ἀγορᾶς.
ΔΕΝ ΗΧΥΝΑΝΤΟ ΝΑ ΒΑΣΙΣΟΥΝ
ΑΘΗΝΑΙ, 15.— Κατὰ τὴν συνεδρίασιν τῆς Βουλῆς ὁ κ. ΚΑΚΟΓΙΑΝΝΗΣ καὶ ΡΙΓΑΣ ἐπὶ τῶν κρατικῶν καπνῶν καὶ τῆς καπνεργασίας ἀνέπτυξαν διάφορα ζητήματα τὰ ὁποῖα ἀφοροῦν εἰς τὴν οἰκονομικὴν κατάστασιν τῆς χώρας καὶ τὰς πιέσεις ἐπὶ τῶν παραγωγῶν. Κατὰ τὸ ἔτος 1959 ἐξήχθησαν ποσότητες καπνῶν αἱ ὁποῖαι ὑπολείπονται τῶν προηγουμένων ἐτῶν. Ὁ ὑπουργὸς ἀπήντησεν ὅτι ἡ κυβέρνησις ἐπιμελεῖται τοῦ θέματος καὶ ὅτι θὰ ληφθοῦν μέτρα διὰ τὴν ἀποκατάστασιν τῆς ἀγορᾶς.
Η «ΑΥΓΗ» ΚΑΤΑΓΓΕΛΛΕΙ ΟΤΙ ΕΚΑΚΟΠΟΙΗΘΗ ΕΙΣ ΤΑΣ ΣΕΡΡΑΣ Ο ΑΠΕΣΤΑΛΜΕΝΟΣ ΤΗΣ
ΑΘΗΝΑΙ, 15.— Κατὰ τὴν συνεδρίασιν τῆς Βουλῆς ὁ κ. ΚΑΚΟΓΙΑΝΝΗΣ καὶ ΡΙΓΑΣ ἐπὶ τῶν κρατικῶν καπνῶν καὶ τῆς καπνεργασίας ἀνέπτυξαν διάφορα ζητήματα τὰ ὁποῖα ἀφοροῦν εἰς τὴν οἰκονομικὴν κατάστασιν τῆς χώρας καὶ τὰς πιέσεις ἐπὶ τῶν παραγωγῶν. Κατὰ τὸ ἔτος 1959 ἐξήχθησαν ποσότητες καπνῶν αἱ ὁποῖαι ὑπολείπονται τῶν προηγουμένων ἐτῶν. Ὁ ὑπουργὸς ἀπήντησεν ὅτι ἡ κυβέρνησις ἐπιμελεῖται τοῦ θέματος καὶ ὅτι θὰ ληφθοῦν μέτρα διὰ τὴν ἀποκατάστασιν τῆς ἀγορᾶς.
ΑΥΡΙΟΝ ΔΑ ΑΝΑΔΕΙΧΘΗ Ο ΔΗΜΑΡΧΟΣ ΛΟΥΤΡΑΚΙΟΥ
ΑΘΗΝΑΙ, 15.— Κατὰ τὴν συνεδρίασιν τῆς Βουλῆς ὁ κ. ΚΑΚΟΓΙΑΝΝΗΣ καὶ ΡΙΓΑΣ ἐπὶ τῶν κρατικῶν καπνῶν καὶ τῆς καπνεργασίας ἀνέπτυξαν διάφορα ζητήματα τὰ ὁποῖα ἀφοροῦν εἰς τὴν οἰκονομικὴν κατάστασιν τῆς χώρας καὶ τὰς πιέσεις ἐπὶ τῶν παραγωγῶν. Κατὰ τὸ ἔτος 1959 ἐξήχθησαν ποσότητες καπνῶν αἱ ὁποῖαι ὑπολείπονται τῶν προηγουμένων ἐτῶν. Ὁ ὑπουργὸς ἀπήντησεν ὅτι ἡ κυβέρνησις ἐπιμελεῖται τοῦ θέματος καὶ ὅτι θὰ ληφθοῦν μέτρα διὰ τὴν ἀποκατάστασιν τῆς ἀγορᾶς.
